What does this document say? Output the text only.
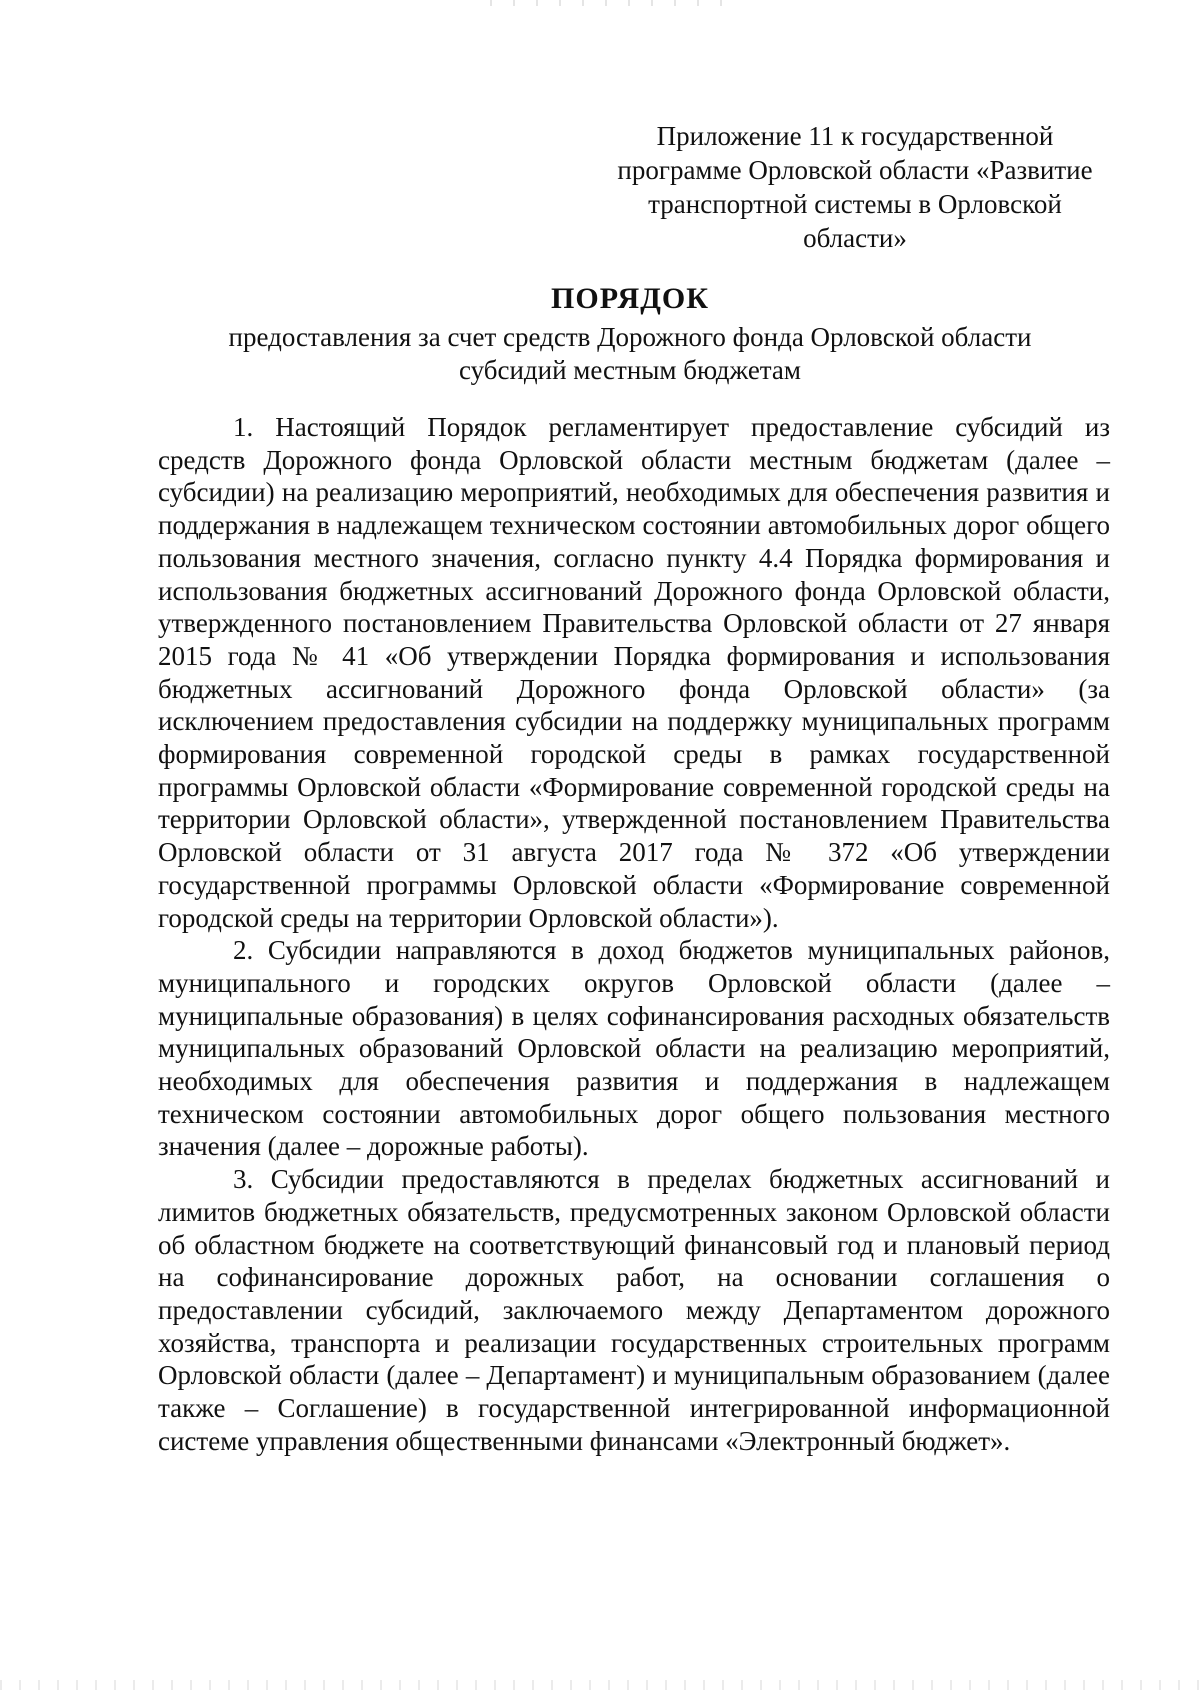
Приложение 11 к государственной
программе Орловской области «Развитие
транспортной системы в Орловской
области»
ПОРЯДОК
предоставления за счет средств Дорожного фонда Орловской области
субсидий местным бюджетам

1. Настоящий Порядок регламентирует предоставление субсидий из средств Дорожного фонда Орловской области местным бюджетам (далее – субсидии) на реализацию мероприятий, необходимых для обеспечения развития и поддержания в надлежащем техническом состоянии автомобильных дорог общего пользования местного значения, согласно пункту 4.4 Порядка формирования и использования бюджетных ассигнований Дорожного фонда Орловской области, утвержденного постановлением Правительства Орловской области от 27 января 2015 года № 41 «Об утверждении Порядка формирования и использования бюджетных ассигнований Дорожного фонда Орловской области» (за исключением предоставления субсидии на поддержку муниципальных программ формирования современной городской среды в рамках государственной программы Орловской области «Формирование современной городской среды на территории Орловской области», утвержденной постановлением Правительства Орловской области от 31 августа 2017 года № 372 «Об утверждении государственной программы Орловской области «Формирование современной городской среды на территории Орловской области»).

2. Субсидии направляются в доход бюджетов муниципальных районов, муниципального и городских округов Орловской области (далее – муниципальные образования) в целях софинансирования расходных обязательств муниципальных образований Орловской области на реализацию мероприятий, необходимых для обеспечения развития и поддержания в надлежащем техническом состоянии автомобильных дорог общего пользования местного значения (далее – дорожные работы).

3. Субсидии предоставляются в пределах бюджетных ассигнований и лимитов бюджетных обязательств, предусмотренных законом Орловской области об областном бюджете на соответствующий финансовый год и плановый период на софинансирование дорожных работ, на основании соглашения о предоставлении субсидий, заключаемого между Департаментом дорожного хозяйства, транспорта и реализации государственных строительных программ Орловской области (далее – Департамент) и муниципальным образованием (далее также – Соглашение) в государственной интегрированной информационной системе управления общественными финансами «Электронный бюджет».
